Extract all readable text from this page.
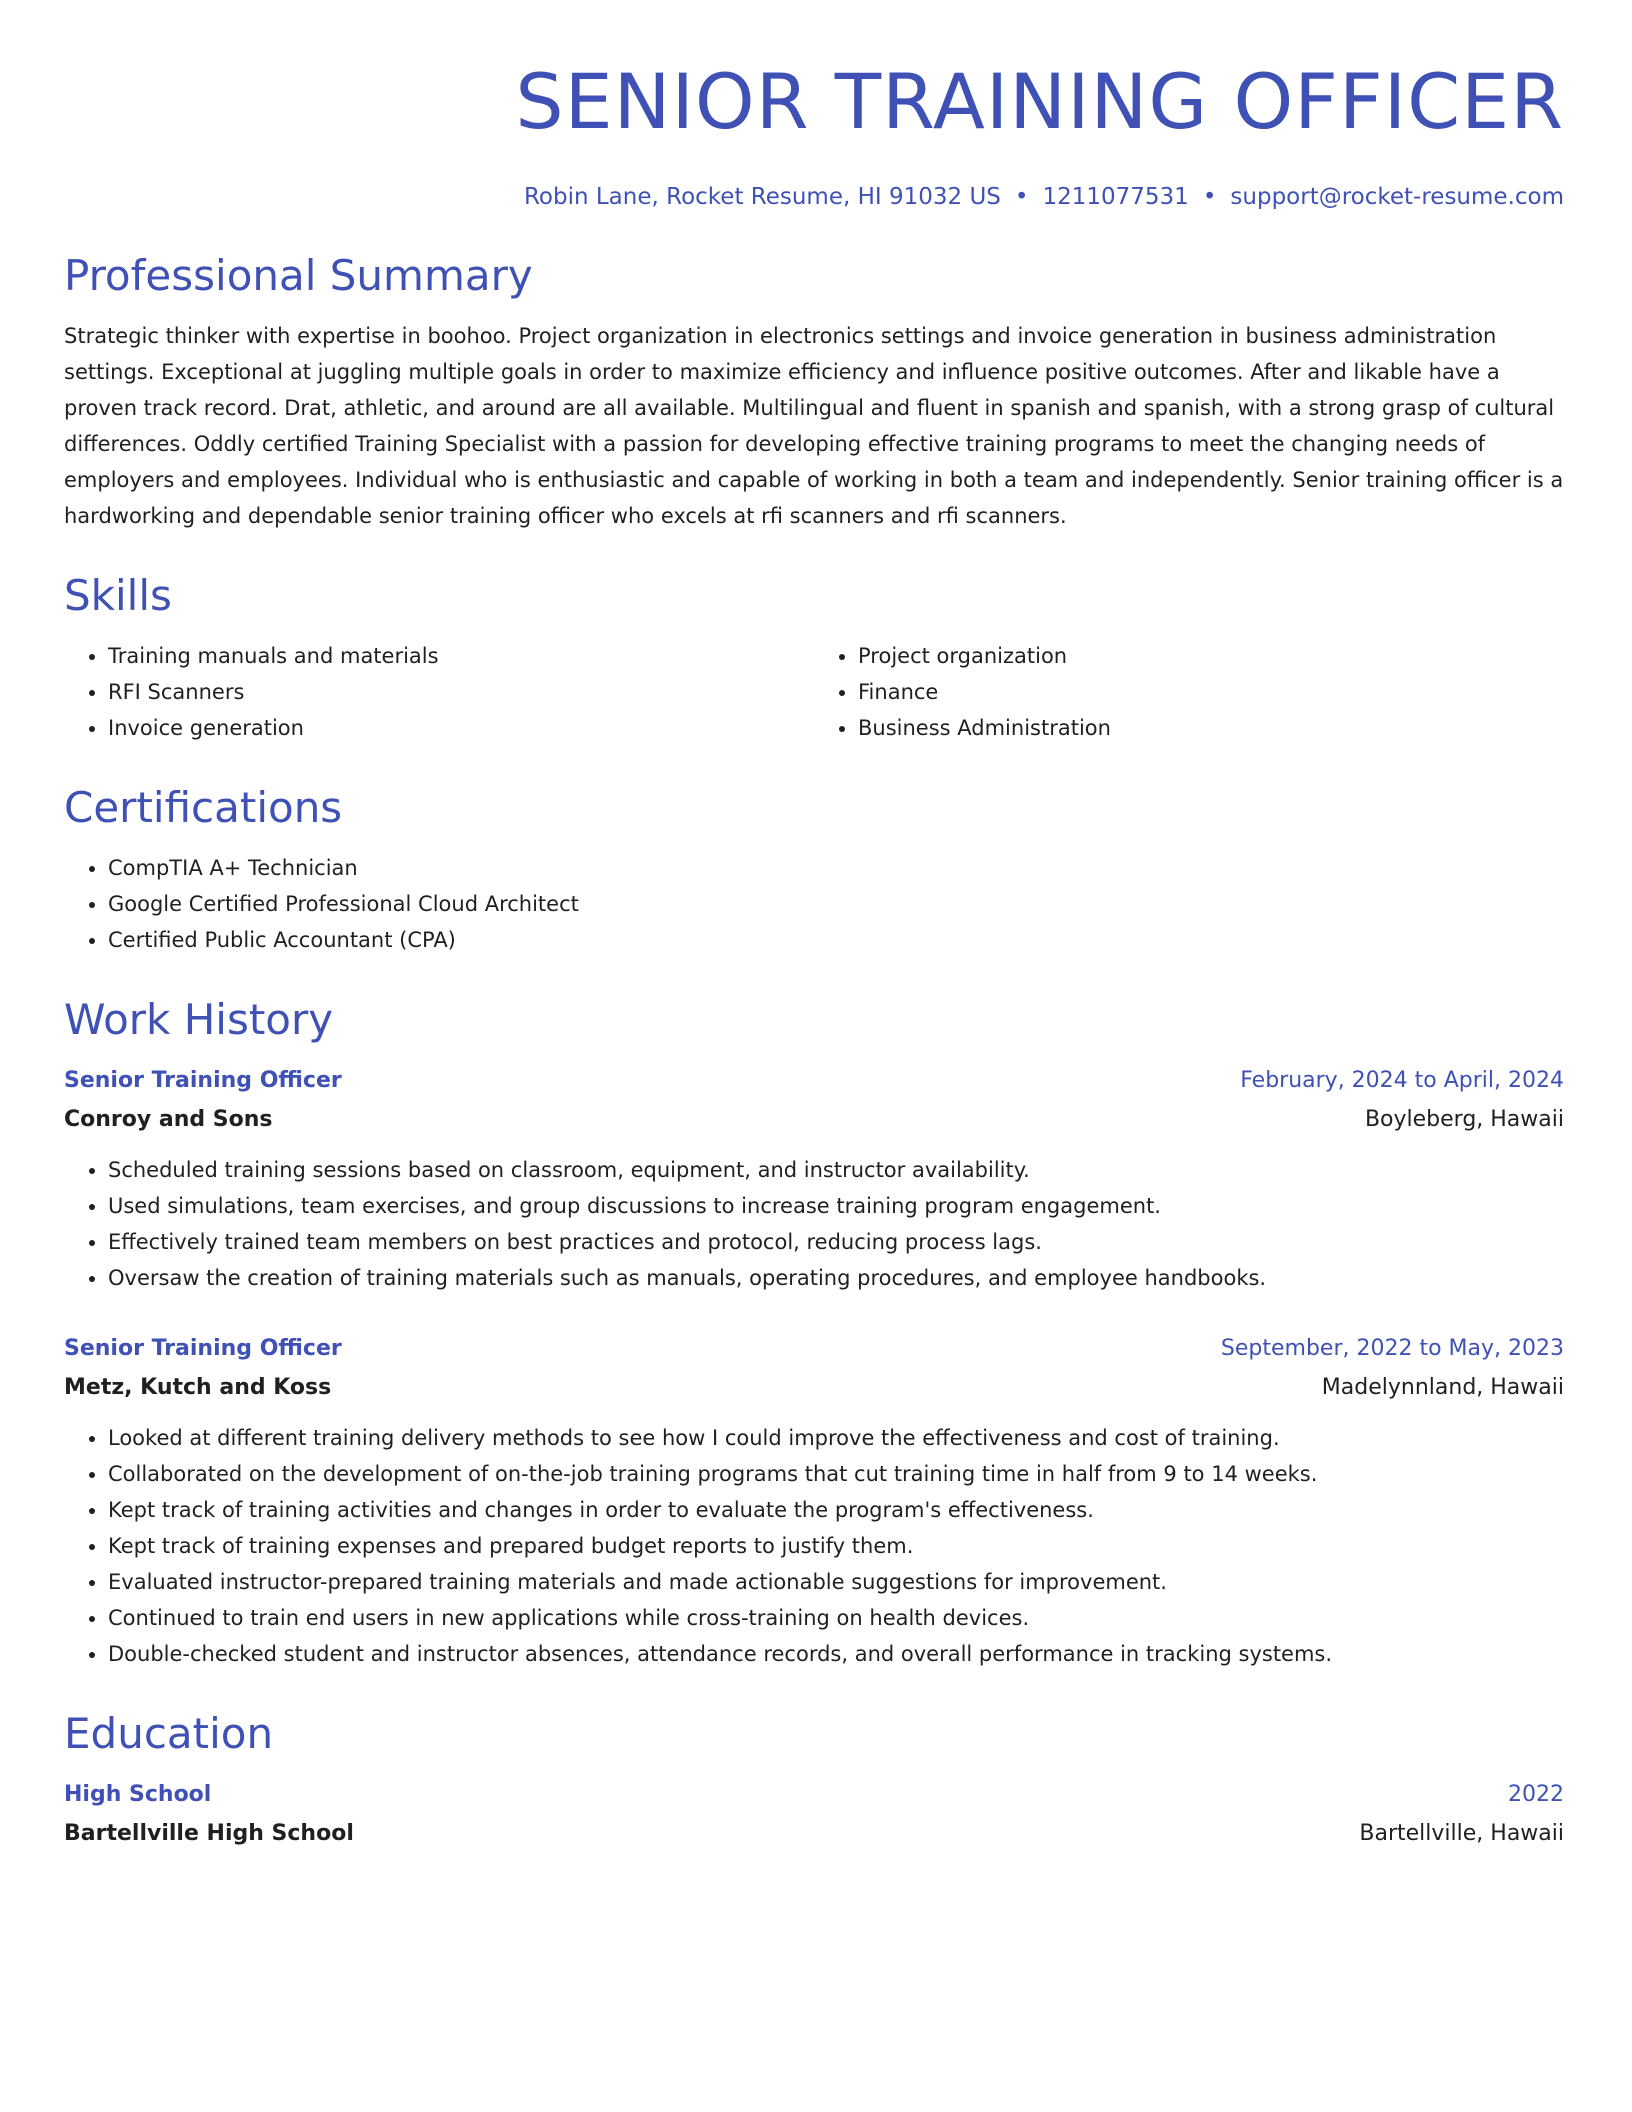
SENIOR TRAINING OFFICER
Robin Lane, Rocket Resume, HI 91032 US • 1211077531 • support@rocket-resume.com
Professional Summary

Strategic thinker with expertise in boohoo. Project organization in electronics settings and invoice generation in business administration settings. Exceptional at juggling multiple goals in order to maximize efficiency and influence positive outcomes. After and likable have a proven track record. Drat, athletic, and around are all available. Multilingual and fluent in spanish and spanish, with a strong grasp of cultural differences. Oddly certified Training Specialist with a passion for developing effective training programs to meet the changing needs of employers and employees. Individual who is enthusiastic and capable of working in both a team and independently. Senior training officer is a hardworking and dependable senior training officer who excels at rfi scanners and rfi scanners.

Skills
• Training manuals and materials
• RFI Scanners
• Invoice generation
• Project organization
• Finance
• Business Administration
Certifications
• CompTIA A+ Technician
• Google Certified Professional Cloud Architect
• Certified Public Accountant (CPA)
Work History
Senior Training Officer	February, 2024 to April, 2024
Conroy and Sons	Boyleberg, Hawaii
• Scheduled training sessions based on classroom, equipment, and instructor availability.
• Used simulations, team exercises, and group discussions to increase training program engagement.
• Effectively trained team members on best practices and protocol, reducing process lags.
• Oversaw the creation of training materials such as manuals, operating procedures, and employee handbooks.
Senior Training Officer	September, 2022 to May, 2023
Metz, Kutch and Koss	Madelynnland, Hawaii
• Looked at different training delivery methods to see how I could improve the effectiveness and cost of training.
• Collaborated on the development of on-the-job training programs that cut training time in half from 9 to 14 weeks.
• Kept track of training activities and changes in order to evaluate the program's effectiveness.
• Kept track of training expenses and prepared budget reports to justify them.
• Evaluated instructor-prepared training materials and made actionable suggestions for improvement.
• Continued to train end users in new applications while cross-training on health devices.
• Double-checked student and instructor absences, attendance records, and overall performance in tracking systems.
Education
High School	2022
Bartellville High School	Bartellville, Hawaii
